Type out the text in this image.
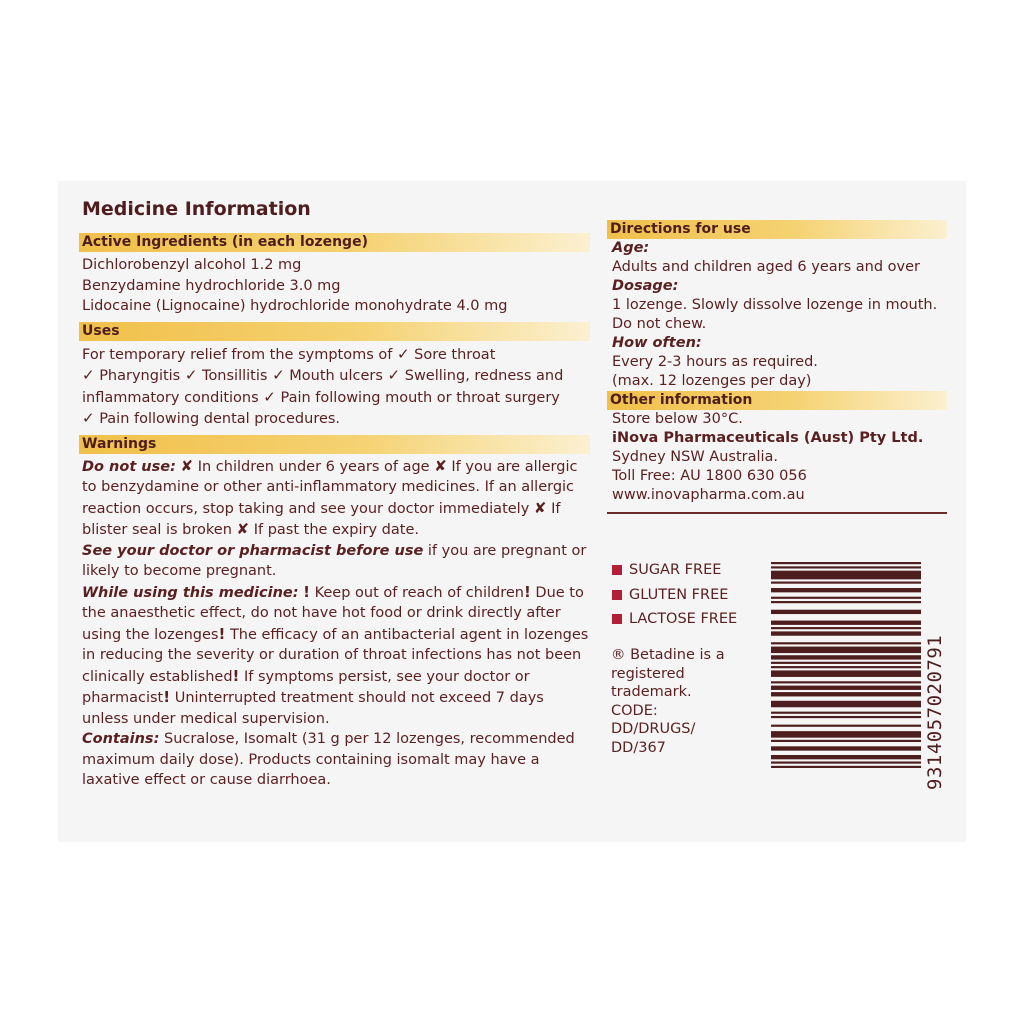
Medicine Information
Active Ingredients (in each lozenge)
Dichlorobenzyl alcohol 1.2 mg
Benzydamine hydrochloride 3.0 mg
Lidocaine (Lignocaine) hydrochloride monohydrate 4.0 mg
Uses
For temporary relief from the symptoms of ✓ Sore throat
✓ Pharyngitis ✓ Tonsillitis ✓ Mouth ulcers ✓ Swelling, redness and inflammatory conditions ✓ Pain following mouth or throat surgery
✓ Pain following dental procedures.
Warnings
Do not use: ✘ In children under 6 years of age ✘ If you are allergic to benzydamine or other anti-inflammatory medicines. If an allergic reaction occurs, stop taking and see your doctor immediately ✘ If blister seal is broken ✘ If past the expiry date.
See your doctor or pharmacist before use if you are pregnant or likely to become pregnant.
While using this medicine: ! Keep out of reach of children! Due to the anaesthetic effect, do not have hot food or drink directly after using the lozenges! The efficacy of an antibacterial agent in lozenges in reducing the severity or duration of throat infections has not been clinically established! If symptoms persist, see your doctor or pharmacist! Uninterrupted treatment should not exceed 7 days unless under medical supervision.
Contains: Sucralose, Isomalt (31 g per 12 lozenges, recommended maximum daily dose). Products containing isomalt may have a laxative effect or cause diarrhoea.
Directions for use
Age:
Adults and children aged 6 years and over
Dosage:
1 lozenge. Slowly dissolve lozenge in mouth. Do not chew.
How often:
Every 2-3 hours as required.
(max. 12 lozenges per day)
Other information
Store below 30°C.
iNova Pharmaceuticals (Aust) Pty Ltd.
Sydney NSW Australia.
Toll Free: AU 1800 630 056
www.inovapharma.com.au
SUGAR FREE
GLUTEN FREE
LACTOSE FREE
® Betadine is a
registered
trademark.
CODE:
DD/DRUGS/
DD/367	9314057020791
